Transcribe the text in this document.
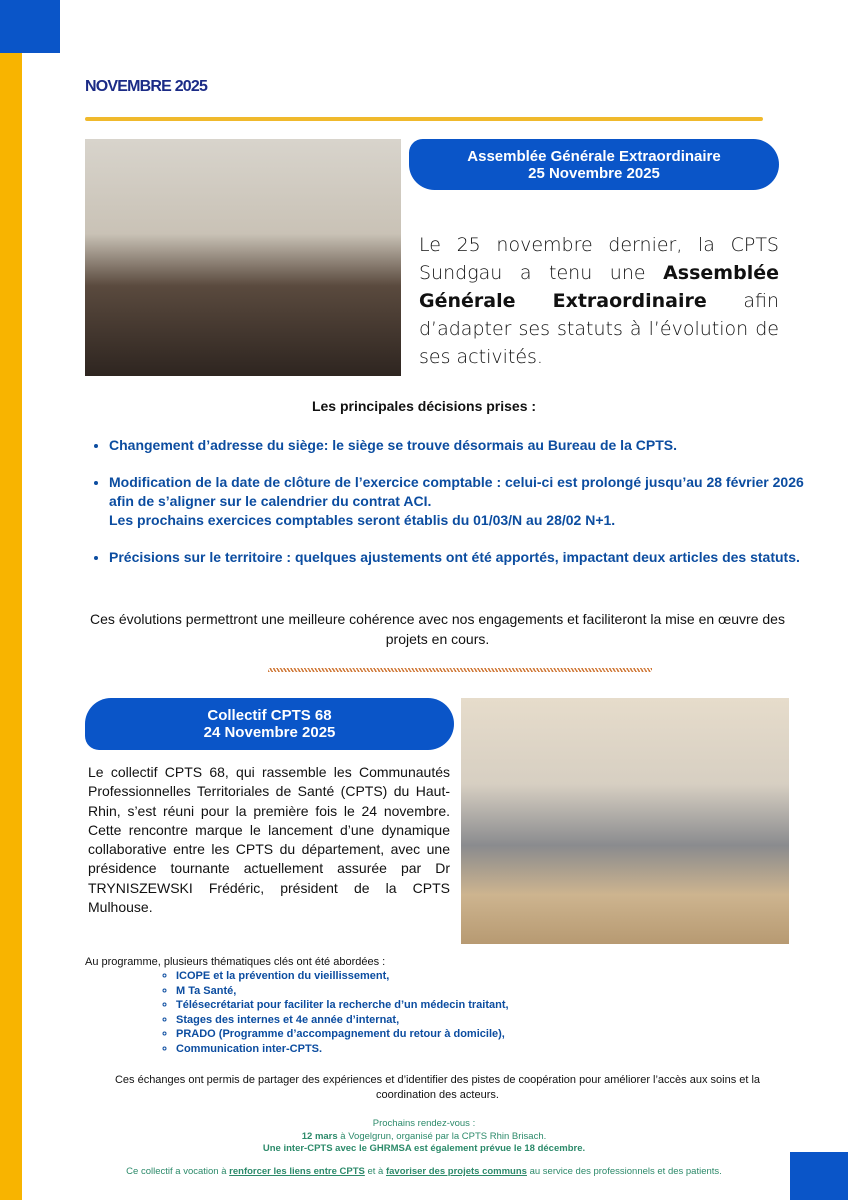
NOVEMBRE 2025
Assemblée Générale Extraordinaire
25 Novembre 2025
Le 25 novembre dernier, la CPTS Sundgau a tenu une Assemblée Générale Extraordinaire afin d’adapter ses statuts à l’évolution de ses activités.
Les principales décisions prises :
• Changement d’adresse du siège: le siège se trouve désormais au Bureau de la CPTS.
• Modification de la date de clôture de l’exercice comptable : celui-ci est prolongé jusqu’au 28 février 2026 afin de s’aligner sur le calendrier du contrat ACI.
Les prochains exercices comptables seront établis du 01/03/N au 28/02 N+1.
• Précisions sur le territoire : quelques ajustements ont été apportés, impactant deux articles des statuts.
Ces évolutions permettront une meilleure cohérence avec nos engagements et faciliteront la mise en œuvre des projets en cours.
Collectif CPTS 68
24 Novembre 2025
Le collectif CPTS 68, qui rassemble les Communautés Professionnelles Territoriales de Santé (CPTS) du Haut-Rhin, s’est réuni pour la première fois le 24 novembre. Cette rencontre marque le lancement d’une dynamique collaborative entre les CPTS du département, avec une présidence tournante actuellement assurée par Dr TRYNISZEWSKI Frédéric, président de la CPTS Mulhouse.
Au programme, plusieurs thématiques clés ont été abordées :
◦ ICOPE et la prévention du vieillissement,
◦ M Ta Santé,
◦ Télésecrétariat pour faciliter la recherche d’un médecin traitant,
◦ Stages des internes et 4e année d’internat,
◦ PRADO (Programme d’accompagnement du retour à domicile),
◦ Communication inter-CPTS.
Ces échanges ont permis de partager des expériences et d’identifier des pistes de coopération pour améliorer l’accès aux soins et la coordination des acteurs.
Prochains rendez-vous :
12 mars à Vogelgrun, organisé par la CPTS Rhin Brisach.
Une inter-CPTS avec le GHRMSA est également prévue le 18 décembre.
Ce collectif a vocation à renforcer les liens entre CPTS et à favoriser des projets communs au service des professionnels et des patients.
